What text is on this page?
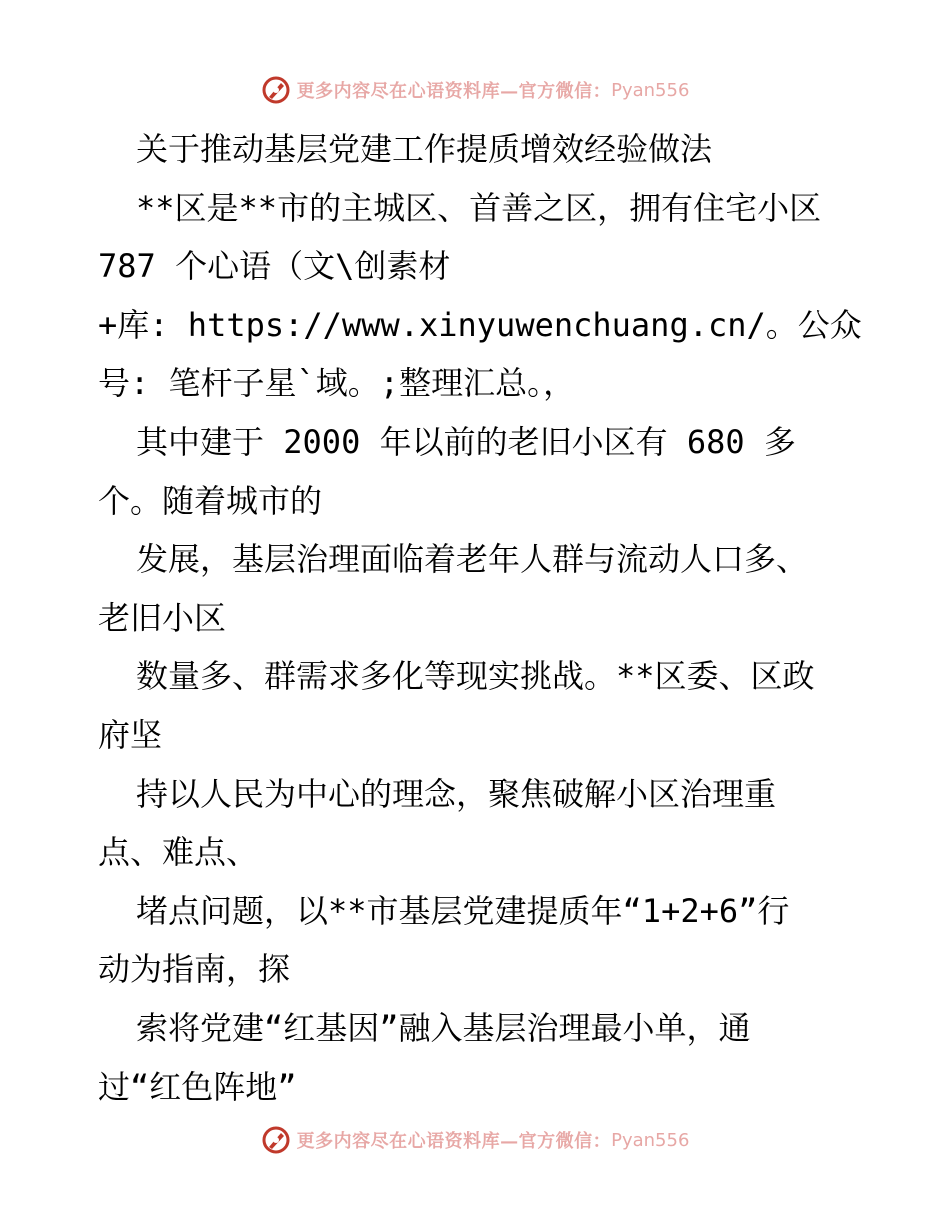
更多内容尽在心语资料库—官方微信： Pyan556
关于推动基层党建工作提质增效经验做法
**区是**市的主城区、首善之区，拥有住宅小区
787 个心语（文\创素材
+库: https://www.xinyuwenchuang.cn/。公众
号: 笔杆子星`域。;整理汇总。，
其中建于 2000 年以前的老旧小区有 680 多
个。随着城市的
发展，基层治理面临着老年人群与流动人口多、
老旧小区
数量多、群需求多化等现实挑战。**区委、区政
府坚
持以人民为中心的理念，聚焦破解小区治理重
点、难点、
堵点问题，以**市基层党建提质年“1+2+6”行
动为指南，探
索将党建“红基因”融入基层治理最小单，通
过“红色阵地”
更多内容尽在心语资料库—官方微信： Pyan556
